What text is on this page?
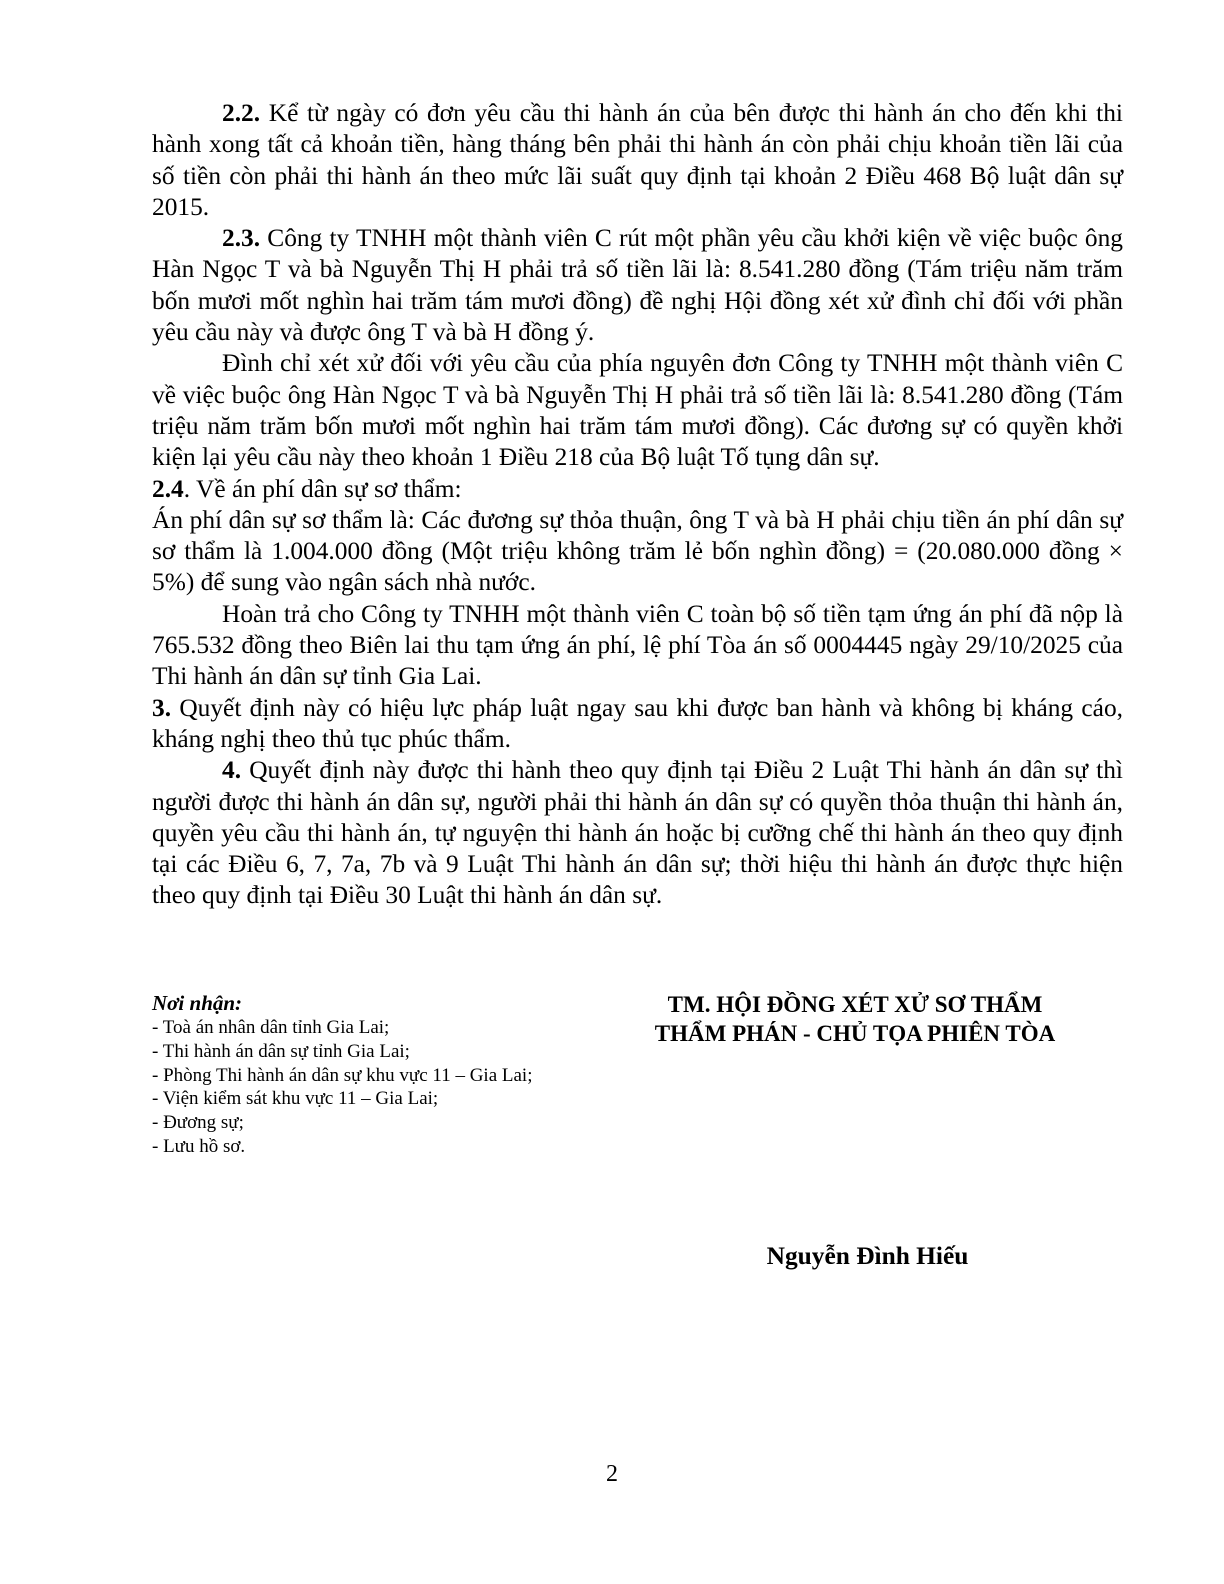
2.2. Kể từ ngày có đơn yêu cầu thi hành án của bên được thi hành án cho đến khi thi hành xong tất cả khoản tiền, hàng tháng bên phải thi hành án còn phải chịu khoản tiền lãi của số tiền còn phải thi hành án theo mức lãi suất quy định tại khoản 2 Điều 468 Bộ luật dân sự 2015.

2.3. Công ty TNHH một thành viên C rút một phần yêu cầu khởi kiện về việc buộc ông Hàn Ngọc T và bà Nguyễn Thị H phải trả số tiền lãi là: 8.541.280 đồng (Tám triệu năm trăm bốn mươi mốt nghìn hai trăm tám mươi đồng) đề nghị Hội đồng xét xử đình chỉ đối với phần yêu cầu này và được ông T và bà H đồng ý.

Đình chỉ xét xử đối với yêu cầu của phía nguyên đơn Công ty TNHH một thành viên C về việc buộc ông Hàn Ngọc T và bà Nguyễn Thị H phải trả số tiền lãi là: 8.541.280 đồng (Tám triệu năm trăm bốn mươi mốt nghìn hai trăm tám mươi đồng). Các đương sự có quyền khởi kiện lại yêu cầu này theo khoản 1 Điều 218 của Bộ luật Tố tụng dân sự.

2.4. Về án phí dân sự sơ thẩm:

Án phí dân sự sơ thẩm là: Các đương sự thỏa thuận, ông T và bà H phải chịu tiền án phí dân sự sơ thẩm là 1.004.000 đồng (Một triệu không trăm lẻ bốn nghìn đồng) = (20.080.000 đồng × 5%) để sung vào ngân sách nhà nước.

Hoàn trả cho Công ty TNHH một thành viên C toàn bộ số tiền tạm ứng án phí đã nộp là 765.532 đồng theo Biên lai thu tạm ứng án phí, lệ phí Tòa án số 0004445 ngày 29/10/2025 của Thi hành án dân sự tỉnh Gia Lai.

3. Quyết định này có hiệu lực pháp luật ngay sau khi được ban hành và không bị kháng cáo, kháng nghị theo thủ tục phúc thẩm.

4. Quyết định này được thi hành theo quy định tại Điều 2 Luật Thi hành án dân sự thì người được thi hành án dân sự, người phải thi hành án dân sự có quyền thỏa thuận thi hành án, quyền yêu cầu thi hành án, tự nguyện thi hành án hoặc bị cưỡng chế thi hành án theo quy định tại các Điều 6, 7, 7a, 7b và 9 Luật Thi hành án dân sự; thời hiệu thi hành án được thực hiện theo quy định tại Điều 30 Luật thi hành án dân sự.

Nơi nhận:
- Toà án nhân dân tỉnh Gia Lai;
- Thi hành án dân sự tỉnh Gia Lai;
- Phòng Thi hành án dân sự khu vực 11 – Gia Lai;
- Viện kiểm sát khu vực 11 – Gia Lai;
- Đương sự;
- Lưu hồ sơ.
TM. HỘI ĐỒNG XÉT XỬ SƠ THẨM
THẨM PHÁN - CHỦ TỌA PHIÊN TÒA
Nguyễn Đình Hiếu
2
